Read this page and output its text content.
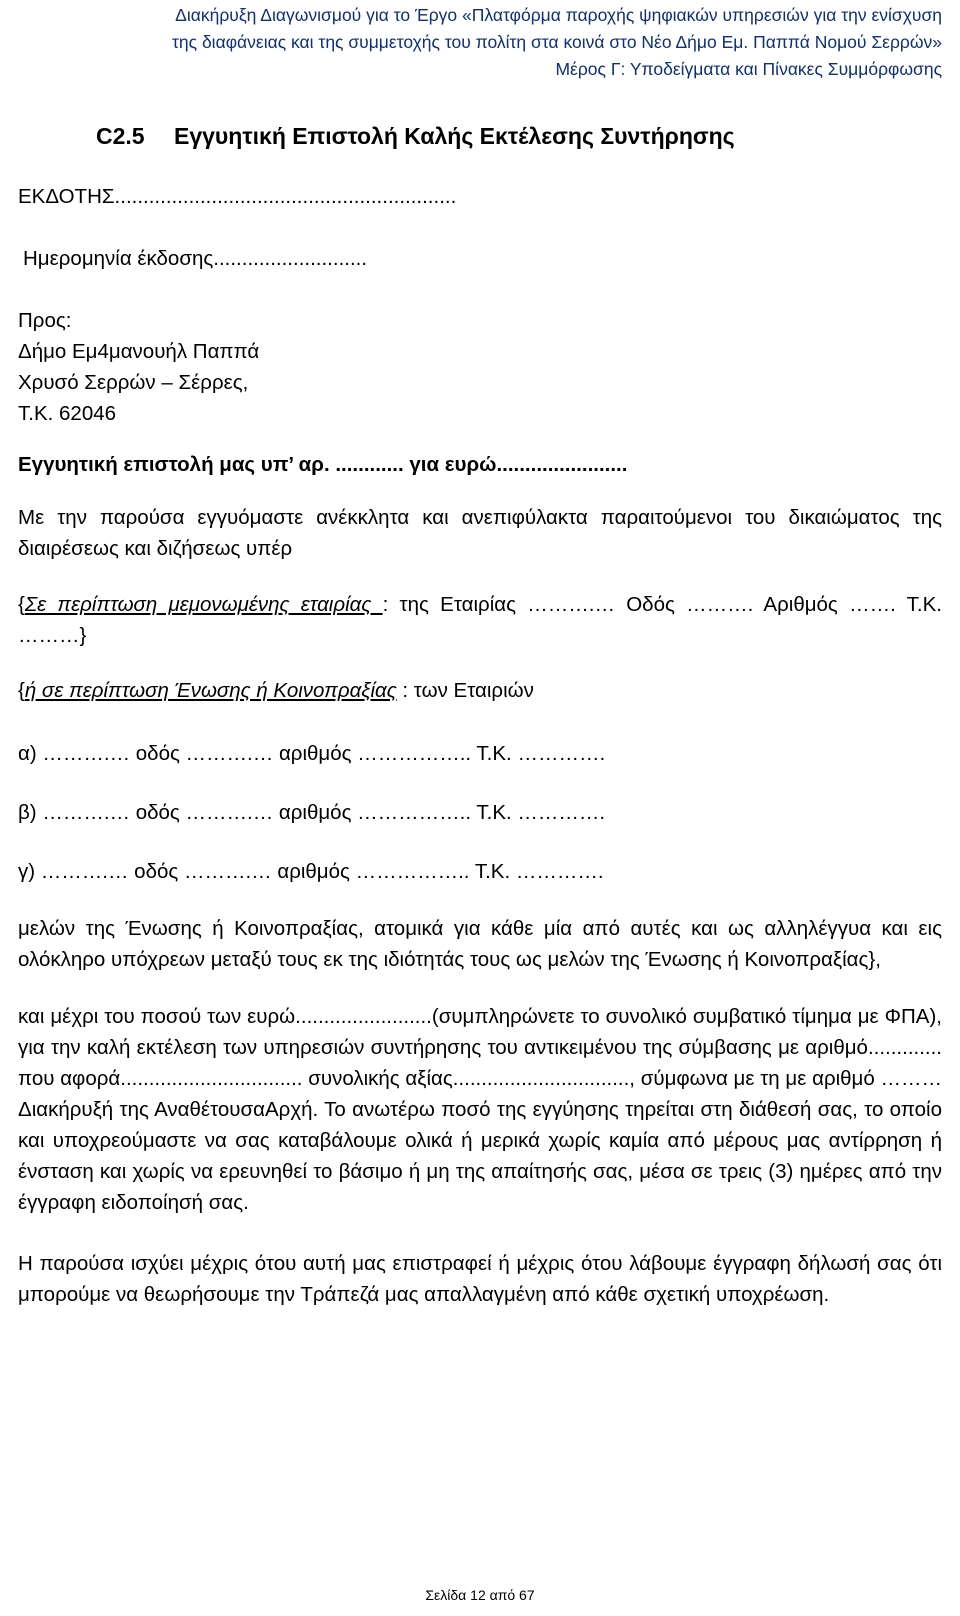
Διακήρυξη Διαγωνισμού για το Έργο «Πλατφόρμα παροχής ψηφιακών υπηρεσιών για την ενίσχυση
της διαφάνειας και της συμμετοχής του πολίτη στα κοινά στο Νέο Δήμο Εμ. Παππά Νομού Σερρών»
Μέρος Γ: Υποδείγματα και Πίνακες Συμμόρφωσης
C2.5 Εγγυητική Επιστολή Καλής Εκτέλεσης Συντήρησης

ΕΚΔΟΤΗΣ............................................................

Ημερομηνία έκδοσης...........................

Προς:

Δήμο Εμ4μανουήλ Παππά

Χρυσό Σερρών – Σέρρες,

Τ.Κ. 62046

Εγγυητική επιστολή μας υπ’ αρ. ............ για ευρώ.......................

Με την παρούσα εγγυόμαστε ανέκκλητα και ανεπιφύλακτα παραιτούμενοι του δικαιώματος της διαιρέσεως και διζήσεως υπέρ

{Σε περίπτωση μεμονωμένης εταιρίας : της Εταιρίας ……….… Οδός ………. Αριθμός ……. Τ.Κ. ………}

{ή σε περίπτωση Ένωσης ή Κοινοπραξίας : των Εταιριών

α) ……….… οδός ……….… αριθμός …………….. Τ.Κ. ………….

β) ……….… οδός ……….… αριθμός …………….. Τ.Κ. ………….

γ) ……….… οδός ……….… αριθμός …………….. Τ.Κ. ………….

μελών της Ένωσης ή Κοινοπραξίας, ατομικά για κάθε μία από αυτές και ως αλληλέγγυα και εις ολόκληρο υπόχρεων μεταξύ τους εκ της ιδιότητάς τους ως μελών της Ένωσης ή Κοινοπραξίας},

και μέχρι του ποσού των ευρώ........................(συμπληρώνετε το συνολικό συμβατικό τίμημα με ΦΠΑ), για την καλή εκτέλεση των υπηρεσιών συντήρησης του αντικειμένου της σύμβασης με αριθμό............. που αφορά................................ συνολικής αξίας..............................., σύμφωνα με τη με αριθμό ……… Διακήρυξή της ΑναθέτουσαΑρχή. Το ανωτέρω ποσό της εγγύησης τηρείται στη διάθεσή σας, το οποίο και υποχρεούμαστε να σας καταβάλουμε ολικά ή μερικά χωρίς καμία από μέρους μας αντίρρηση ή ένσταση και χωρίς να ερευνηθεί το βάσιμο ή μη της απαίτησής σας, μέσα σε τρεις (3) ημέρες από την έγγραφη ειδοποίησή σας.

Η παρούσα ισχύει μέχρις ότου αυτή μας επιστραφεί ή μέχρις ότου λάβουμε έγγραφη δήλωσή σας ότι μπορούμε να θεωρήσουμε την Τράπεζά μας απαλλαγμένη από κάθε σχετική υποχρέωση.

Σελίδα 12 από 67
